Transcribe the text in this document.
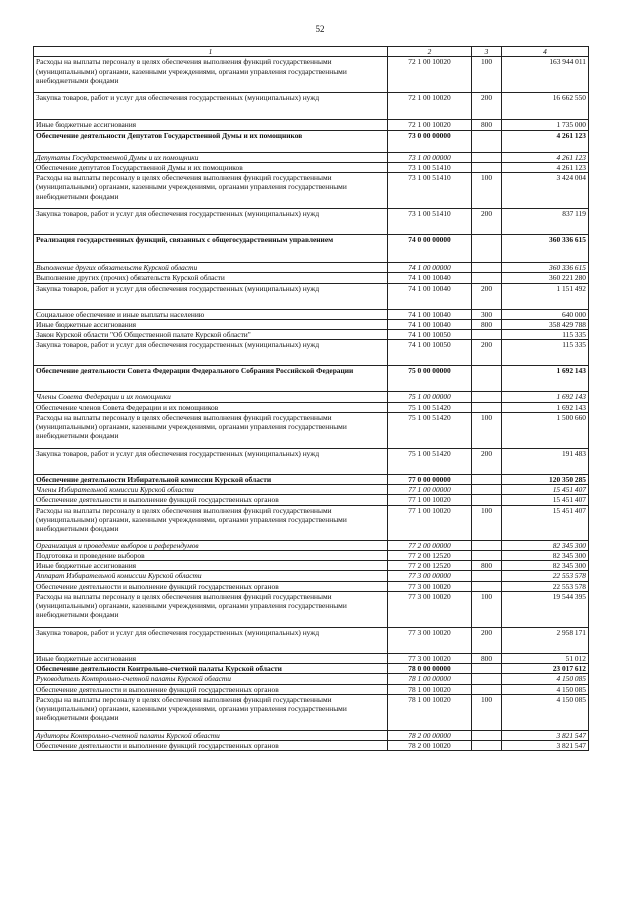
52
1	2	3	4
Расходы на выплаты персоналу в целях обеспечения выполнения функций государственными (муниципальными) органами, казенными учреждениями, органами управления государственными внебюджетными фондами	72 1 00 10020	100	163 944 011
Закупка товаров, работ и услуг для обеспечения государственных (муниципальных) нужд	72 1 00 10020	200	16 662 550
Иные бюджетные ассигнования	72 1 00 10020	800	1 735 000
Обеспечение деятельности Депутатов Государственной Думы и их помощников	73 0 00 00000		4 261 123
Депутаты Государственной Думы и их помощники	73 1 00 00000		4 261 123
Обеспечение депутатов Государственной Думы и их помощников	73 1 00 51410		4 261 123
Расходы на выплаты персоналу в целях обеспечения выполнения функций государственными (муниципальными) органами, казенными учреждениями, органами управления государственными внебюджетными фондами	73 1 00 51410	100	3 424 004
Закупка товаров, работ и услуг для обеспечения государственных (муниципальных) нужд	73 1 00 51410	200	837 119
Реализация государственных функций, связанных с общегосударственным управлением	74 0 00 00000		360 336 615
Выполнение других обязательств Курской области	74 1 00 00000		360 336 615
Выполнение других (прочих) обязательств Курской области	74 1 00 10040		360 221 280
Закупка товаров, работ и услуг для обеспечения государственных (муниципальных) нужд	74 1 00 10040	200	1 151 492
Социальное обеспечение и иные выплаты населению	74 1 00 10040	300	640 000
Иные бюджетные ассигнования	74 1 00 10040	800	358 429 788
Закон Курской области "Об Общественной палате Курской области"	74 1 00 10050		115 335
Закупка товаров, работ и услуг для обеспечения государственных (муниципальных) нужд	74 1 00 10050	200	115 335
Обеспечение деятельности Совета Федерации Федерального Собрания Российской Федерации	75 0 00 00000		1 692 143
Члены Совета Федерации и их помощники	75 1 00 00000		1 692 143
Обеспечение членов Совета Федерации и их помощников	75 1 00 51420		1 692 143
Расходы на выплаты персоналу в целях обеспечения выполнения функций государственными (муниципальными) органами, казенными учреждениями, органами управления государственными внебюджетными фондами	75 1 00 51420	100	1 500 660
Закупка товаров, работ и услуг для обеспечения государственных (муниципальных) нужд	75 1 00 51420	200	191 483
Обеспечение деятельности Избирательной комиссии Курской области	77 0 00 00000		120 350 285
Члены Избирательной комиссии Курской области	77 1 00 00000		15 451 407
Обеспечение деятельности и выполнение функций государственных органов	77 1 00 10020		15 451 407
Расходы на выплаты персоналу в целях обеспечения выполнения функций государственными (муниципальными) органами, казенными учреждениями, органами управления государственными внебюджетными фондами	77 1 00 10020	100	15 451 407
Организация и проведение выборов и референдумов	77 2 00 00000		82 345 300
Подготовка и проведение выборов	77 2 00 12520		82 345 300
Иные бюджетные ассигнования	77 2 00 12520	800	82 345 300
Аппарат Избирательной комиссии Курской области	77 3 00 00000		22 553 578
Обеспечение деятельности и выполнение функций государственных органов	77 3 00 10020		22 553 578
Расходы на выплаты персоналу в целях обеспечения выполнения функций государственными (муниципальными) органами, казенными учреждениями, органами управления государственными внебюджетными фондами	77 3 00 10020	100	19 544 395
Закупка товаров, работ и услуг для обеспечения государственных (муниципальных) нужд	77 3 00 10020	200	2 958 171
Иные бюджетные ассигнования	77 3 00 10020	800	51 012
Обеспечение деятельности Контрольно-счетной палаты Курской области	78 0 00 00000		23 017 612
Руководитель Контрольно-счетной палаты Курской области	78 1 00 00000		4 150 085
Обеспечение деятельности и выполнение функций государственных органов	78 1 00 10020		4 150 085
Расходы на выплаты персоналу в целях обеспечения выполнения функций государственными (муниципальными) органами, казенными учреждениями, органами управления государственными внебюджетными фондами	78 1 00 10020	100	4 150 085
Аудиторы Контрольно-счетной палаты Курской области	78 2 00 00000		3 821 547
Обеспечение деятельности и выполнение функций государственных органов	78 2 00 10020		3 821 547
